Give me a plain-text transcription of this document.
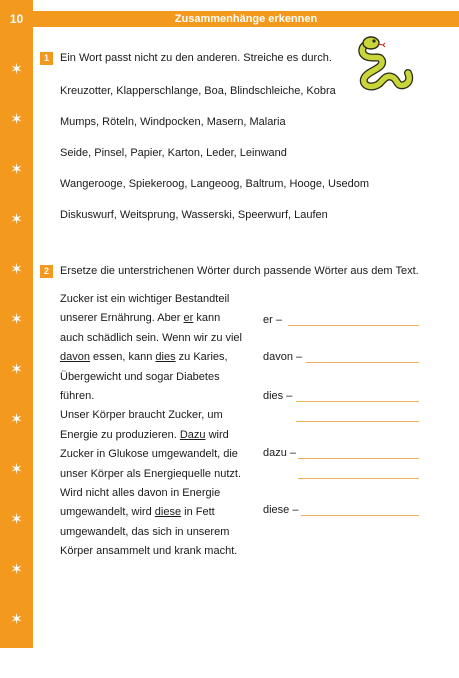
10
✶
✶
✶
✶
✶
✶
✶
✶
✶
✶
✶
✶
✶
Zusammenhänge erkennen
1	Ein Wort passt nicht zu den anderen. Streiche es durch.
Kreuzotter, Klapperschlange, Boa, Blindschleiche, Kobra
Mumps, Röteln, Windpocken, Masern, Malaria
Seide, Pinsel, Papier, Karton, Leder, Leinwand
Wangerooge, Spiekeroog, Langeoog, Baltrum, Hooge, Usedom
Diskuswurf, Weitsprung, Wasserski, Speerwurf, Laufen
2	Ersetze die unterstrichenen Wörter durch passende Wörter aus dem Text.
Zucker ist ein wichtiger Bestandteil
unserer Ernährung. Aber er kann
auch schädlich sein. Wenn wir zu viel
davon essen, kann dies zu Karies,
Übergewicht und sogar Diabetes
führen.
Unser Körper braucht Zucker, um
Energie zu produzieren. Dazu wird
Zucker in Glukose umgewandelt, die
unser Körper als Energiequelle nutzt.
Wird nicht alles davon in Energie
umgewandelt, wird diese in Fett
umgewandelt, das sich in unserem
Körper ansammelt und krank macht.
er –
davon –
dies –
dazu –
diese –
